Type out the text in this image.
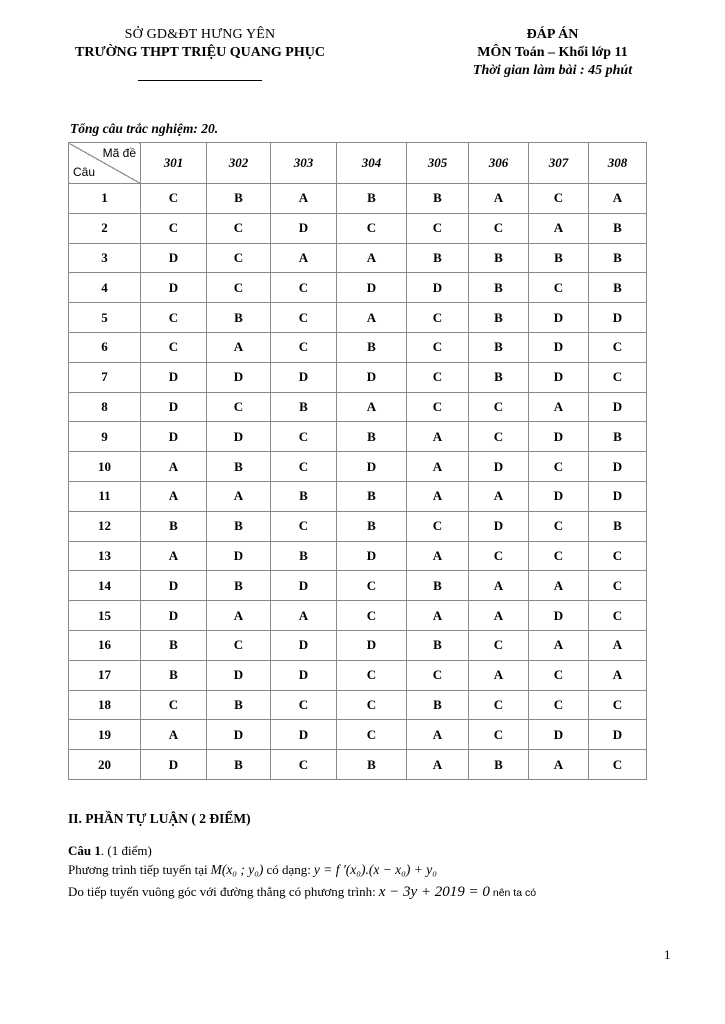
SỞ GD&ĐT HƯNG YÊN
TRƯỜNG THPT TRIỆU QUANG PHỤC
ĐÁP ÁN
MÔN Toán – Khối lớp 11
Thời gian làm bài : 45 phút
Tổng câu trắc nghiệm: 20.
Mã đề
Câu	301	302	303	304	305	306	307	308
1	C	B	A	B	B	A	C	A
2	C	C	D	C	C	C	A	B
3	D	C	A	A	B	B	B	B
4	D	C	C	D	D	B	C	B
5	C	B	C	A	C	B	D	D
6	C	A	C	B	C	B	D	C
7	D	D	D	D	C	B	D	C
8	D	C	B	A	C	C	A	D
9	D	D	C	B	A	C	D	B
10	A	B	C	D	A	D	C	D
11	A	A	B	B	A	A	D	D
12	B	B	C	B	C	D	C	B
13	A	D	B	D	A	C	C	C
14	D	B	D	C	B	A	A	C
15	D	A	A	C	A	A	D	C
16	B	C	D	D	B	C	A	A
17	B	D	D	C	C	A	C	A
18	C	B	C	C	B	C	C	C
19	A	D	D	C	A	C	D	D
20	D	B	C	B	A	B	A	C
II. PHẦN TỰ LUẬN ( 2 ĐIỂM)
Câu 1. (1 điểm)
Phương trình tiếp tuyến tại M(x₀ ; y₀) có dạng: y = f ′(x₀).(x − x₀) + y₀
Do tiếp tuyến vuông góc với đường thẳng có phương trình: x − 3y + 2019 = 0 nên ta có
1
